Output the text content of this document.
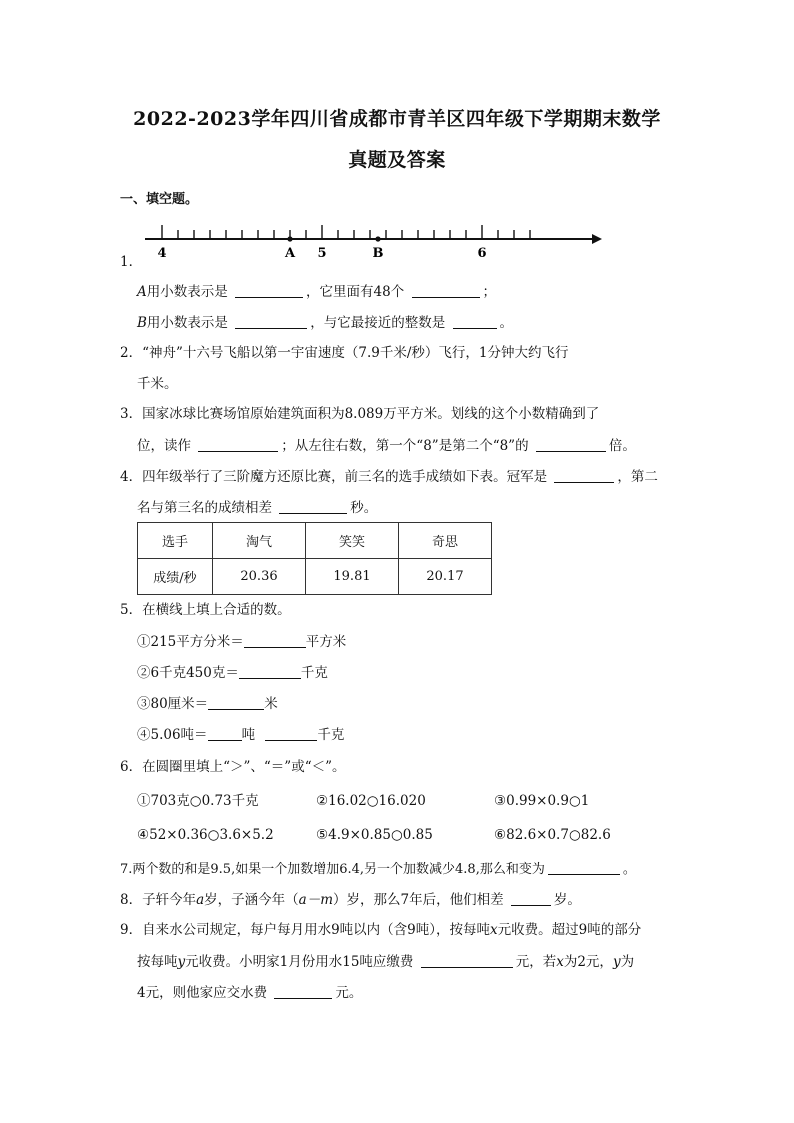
2022-2023学年四川省成都市青羊区四年级下学期期末数学
真题及答案
一、填空题。
4	A 5	B	6
1．
A用小数表示是	，它里面有48个	；
B用小数表示是	，与它最接近的整数是	。
2．“神舟”十六号飞船以第一宇宙速度（7.9千米/秒）飞行，1分钟大约飞行
千米。
3．国家冰球比赛场馆原始建筑面积为8.089万平方米。划线的这个小数精确到了
位，读作	；从左往右数，第一个“8”是第二个“8”的	倍。
4．四年级举行了三阶魔方还原比赛，前三名的选手成绩如下表。冠军是	，第二
名与第三名的成绩相差	秒。
选手	淘气	笑笑	奇思
成绩/秒	20.36	19.81	20.17
5．在横线上填上合适的数。
①215平方分米＝	平方米
②6千克450克＝	千克
③80厘米＝	米
④5.06吨＝	吨	千克
6．在圆圈里填上“＞”、“＝”或“＜”。
①703克○0.73千克	②16.02○16.020	③0.99×0.9○1
④52×0.36○3.6×5.2	⑤4.9×0.85○0.85	⑥82.6×0.7○82.6
7.两个数的和是9.5,如果一个加数增加6.4,另一个加数减少4.8,那么和变为	。
8．子轩今年a岁，子涵今年（a－m）岁，那么7年后，他们相差	岁。
9．自来水公司规定，每户每月用水9吨以内（含9吨），按每吨x元收费。超过9吨的部分
按每吨y元收费。小明家1月份用水15吨应缴费	元，若x为2元，y为
4元，则他家应交水费	元。
